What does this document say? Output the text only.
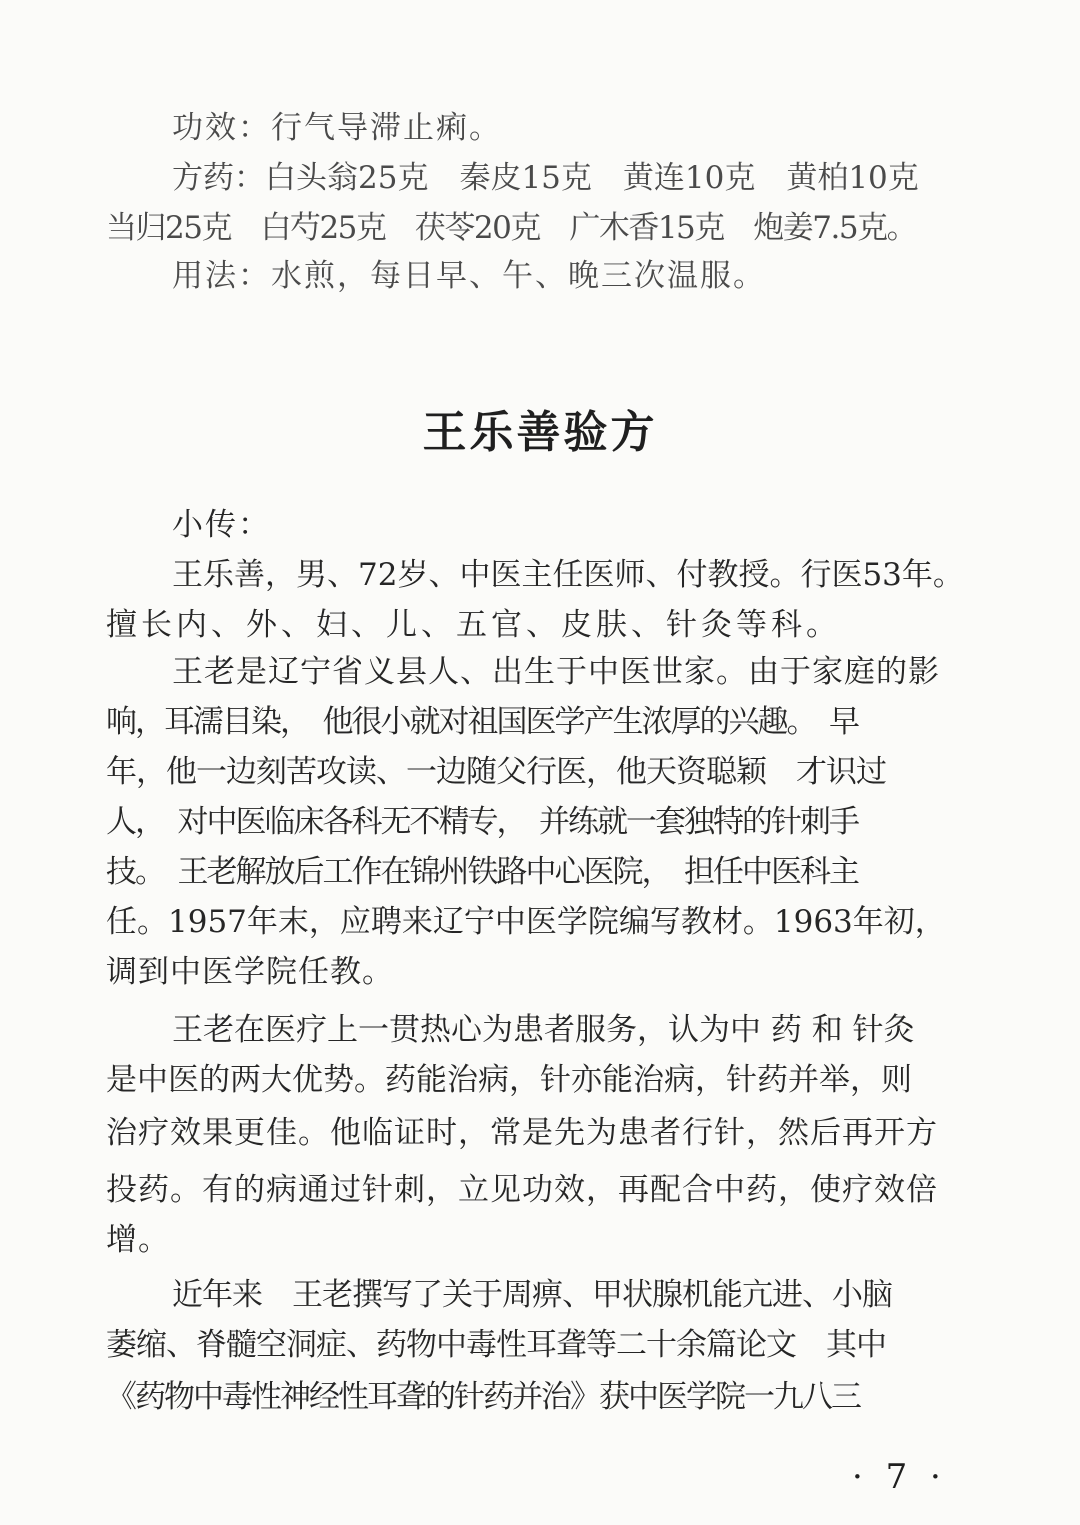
功效：行气导滞止痢。
方药：白头翁25克　秦皮15克　黄连10克　黄柏10克
当归25克　白芍25克　茯苓20克　广木香15克　炮姜7.5克。
用法：水煎，每日早、午、晚三次温服。
王乐善验方
小传：
王乐善，男、72岁、中医主任医师、付教授。行医53年。
擅长内、外、妇、儿、五官、皮肤、针灸等科。
王老是辽宁省义县人、出生于中医世家。由于家庭的影
响，耳濡目染，　他很小就对祖国医学产生浓厚的兴趣。　早
年，他一边刻苦攻读、一边随父行医，他天资聪颖　才识过
人，　对中医临床各科无不精专，　并练就一套独特的针刺手
技。　王老解放后工作在锦州铁路中心医院，　担任中医科主
任。1957年末，应聘来辽宁中医学院编写教材。1963年初，
调到中医学院任教。
王老在医疗上一贯热心为患者服务，认为中 药 和 针灸
是中医的两大优势。药能治病，针亦能治病，针药并举，则
治疗效果更佳。他临证时，常是先为患者行针，然后再开方
投药。有的病通过针刺，立见功效，再配合中药，使疗效倍
增。
近年来　王老撰写了关于周痹、甲状腺机能亢进、小脑
萎缩、脊髓空洞症、药物中毒性耳聋等二十余篇论文　其中
《药物中毒性神经性耳聋的针药并治》获中医学院一九八三
· 7 ·
